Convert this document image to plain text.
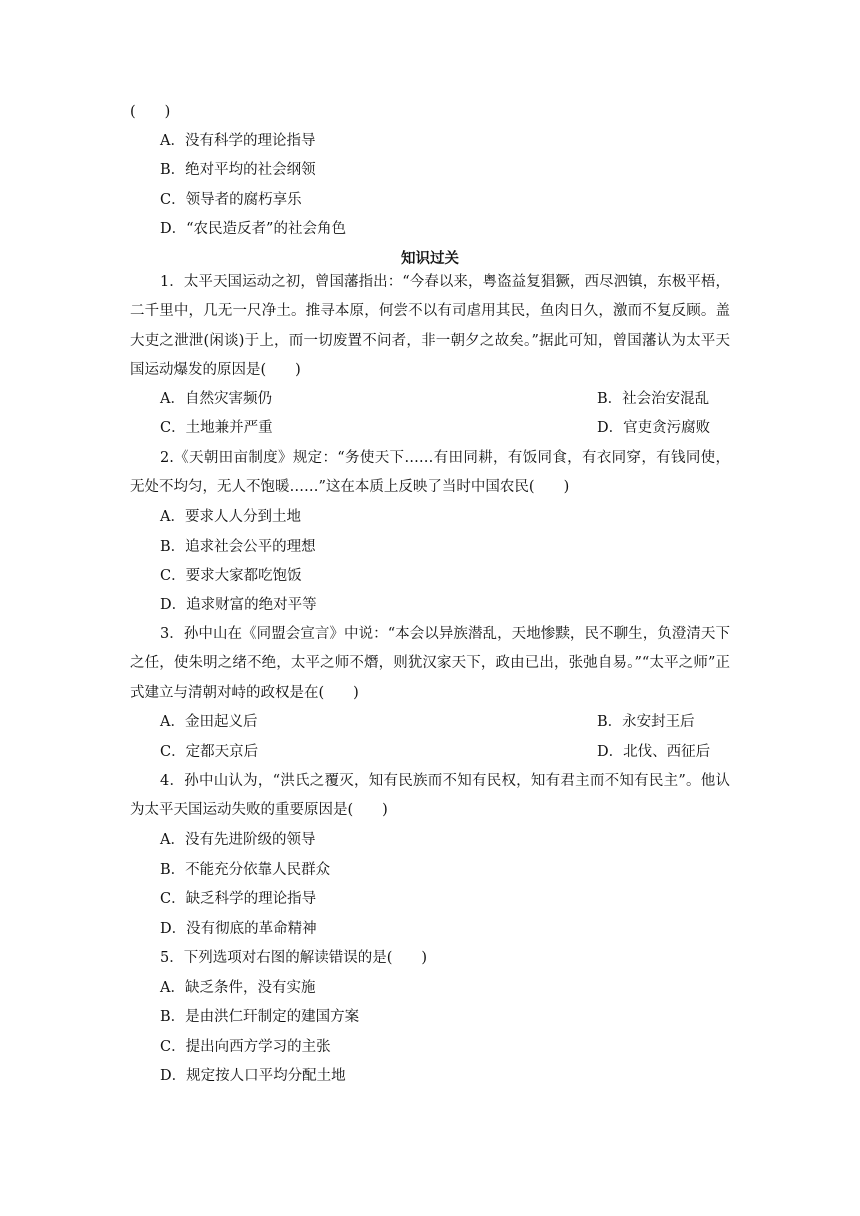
(　　)
A．没有科学的理论指导
B．绝对平均的社会纲领
C．领导者的腐朽享乐
D．“农民造反者”的社会角色
知识过关
1．太平天国运动之初，曾国藩指出：“今春以来，粤盗益复猖獗，西尽泗镇，东极平梧，二千里中，几无一尺净土。推寻本原，何尝不以有司虐用其民，鱼肉日久，激而不复反顾。盖大吏之泄泄(闲谈)于上，而一切废置不问者，非一朝夕之故矣。”据此可知，曾国藩认为太平天国运动爆发的原因是(　　)
A．自然灾害频仍	B．社会治安混乱
C．土地兼并严重	D．官吏贪污腐败
2.《天朝田亩制度》规定：“务使天下……有田同耕，有饭同食，有衣同穿，有钱同使，无处不均匀，无人不饱暖……”这在本质上反映了当时中国农民(　　)
A．要求人人分到土地
B．追求社会公平的理想
C．要求大家都吃饱饭
D．追求财富的绝对平等
3．孙中山在《同盟会宣言》中说：“本会以异族潜乱，天地惨黩，民不聊生，负澄清天下之任，使朱明之绪不绝，太平之师不熸，则犹汉家天下，政由已出，张弛自易。”“太平之师”正式建立与清朝对峙的政权是在(　　)
A．金田起义后	B．永安封王后
C．定都天京后	D．北伐、西征后
4．孙中山认为，“洪氏之覆灭，知有民族而不知有民权，知有君主而不知有民主”。他认为太平天国运动失败的重要原因是(　　)
A．没有先进阶级的领导
B．不能充分依靠人民群众
C．缺乏科学的理论指导
D．没有彻底的革命精神
5．下列选项对右图的解读错误的是(　　)
A．缺乏条件，没有实施
B．是由洪仁玕制定的建国方案
C．提出向西方学习的主张
D．规定按人口平均分配土地
